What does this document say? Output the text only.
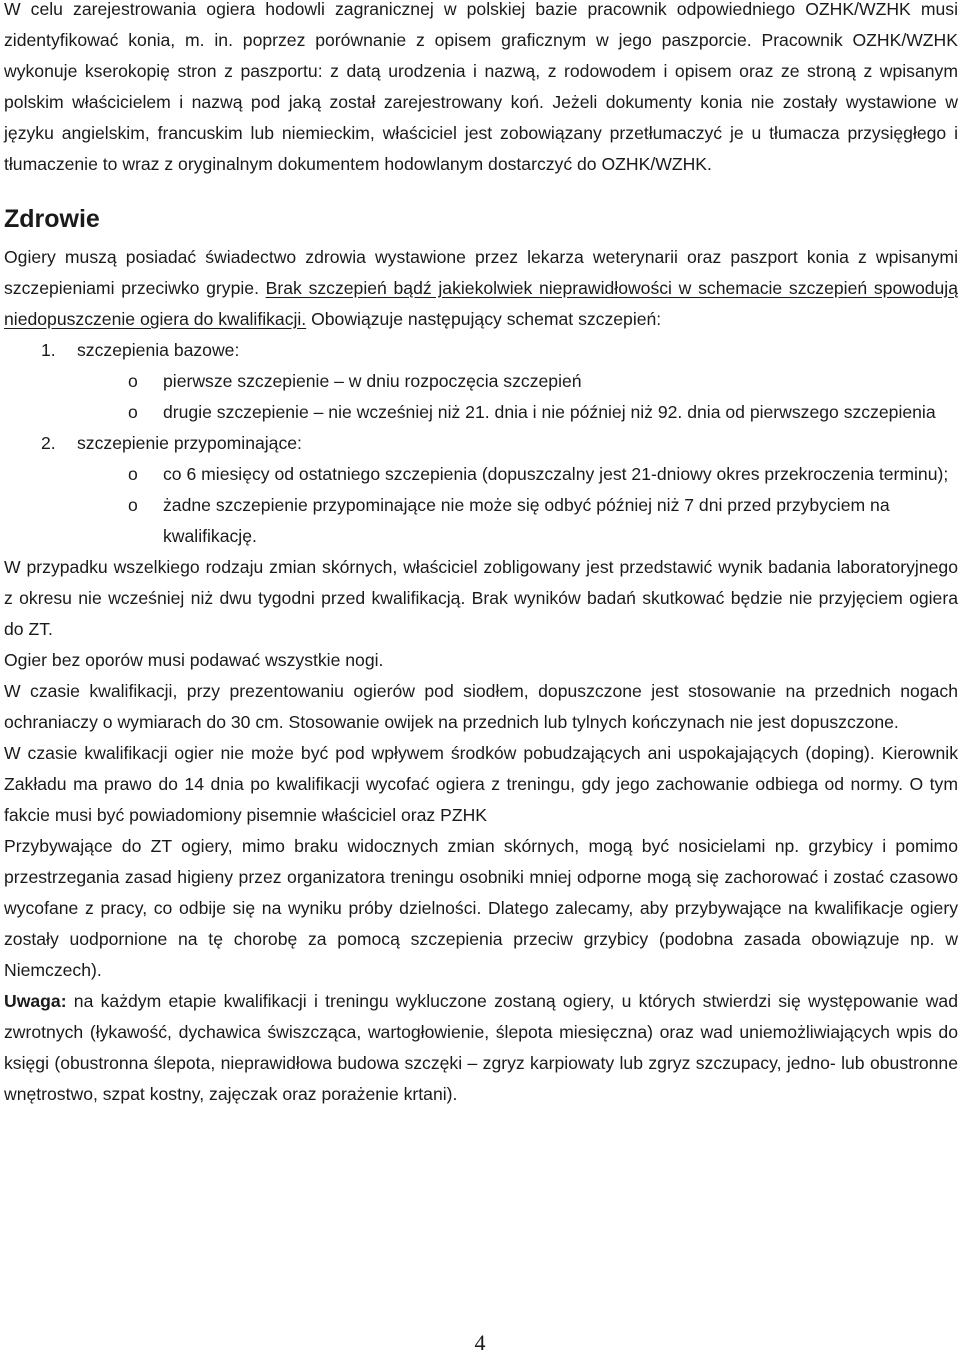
W celu zarejestrowania ogiera hodowli zagranicznej w polskiej bazie pracownik odpowiedniego OZHK/WZHK musi zidentyfikować konia, m. in. poprzez porównanie z opisem graficznym w jego paszporcie. Pracownik OZHK/WZHK wykonuje kserokopię stron z paszportu: z datą urodzenia i nazwą, z rodowodem i opisem oraz ze stroną z wpisanym polskim właścicielem i nazwą pod jaką został zarejestrowany koń. Jeżeli dokumenty konia nie zostały wystawione w języku angielskim, francuskim lub niemieckim, właściciel jest zobowiązany przetłumaczyć je u tłumacza przysięgłego i tłumaczenie to wraz z oryginalnym dokumentem hodowlanym dostarczyć do OZHK/WZHK.

Zdrowie

Ogiery muszą posiadać świadectwo zdrowia wystawione przez lekarza weterynarii oraz paszport konia z wpisanymi szczepieniami przeciwko grypie. Brak szczepień bądź jakiekolwiek nieprawidłowości w schemacie szczepień spowodują niedopuszczenie ogiera do kwalifikacji. Obowiązuje następujący schemat szczepień:

1. szczepienia bazowe:
o pierwsze szczepienie – w dniu rozpoczęcia szczepień
o drugie szczepienie – nie wcześniej niż 21. dnia i nie później niż 92. dnia od pierwszego szczepienia
2. szczepienie przypominające:
o co 6 miesięcy od ostatniego szczepienia (dopuszczalny jest 21-dniowy okres przekroczenia terminu);
o żadne szczepienie przypominające nie może się odbyć później niż 7 dni przed przybyciem na kwalifikację.

W przypadku wszelkiego rodzaju zmian skórnych, właściciel zobligowany jest przedstawić wynik badania laboratoryjnego z okresu nie wcześniej niż dwu tygodni przed kwalifikacją. Brak wyników badań skutkować będzie nie przyjęciem ogiera do ZT.

Ogier bez oporów musi podawać wszystkie nogi.

W czasie kwalifikacji, przy prezentowaniu ogierów pod siodłem, dopuszczone jest stosowanie na przednich nogach ochraniaczy o wymiarach do 30 cm. Stosowanie owijek na przednich lub tylnych kończynach nie jest dopuszczone.

W czasie kwalifikacji ogier nie może być pod wpływem środków pobudzających ani uspokajających (doping). Kierownik Zakładu ma prawo do 14 dnia po kwalifikacji wycofać ogiera z treningu, gdy jego zachowanie odbiega od normy. O tym fakcie musi być powiadomiony pisemnie właściciel oraz PZHK

Przybywające do ZT ogiery, mimo braku widocznych zmian skórnych, mogą być nosicielami np. grzybicy i pomimo przestrzegania zasad higieny przez organizatora treningu osobniki mniej odporne mogą się zachorować i zostać czasowo wycofane z pracy, co odbije się na wyniku próby dzielności. Dlatego zalecamy, aby przybywające na kwalifikacje ogiery zostały uodpornione na tę chorobę za pomocą szczepienia przeciw grzybicy (podobna zasada obowiązuje np. w Niemczech).

Uwaga: na każdym etapie kwalifikacji i treningu wykluczone zostaną ogiery, u których stwierdzi się występowanie wad zwrotnych (łykawość, dychawica świszcząca, wartogłowienie, ślepota miesięczna) oraz wad uniemożliwiających wpis do księgi (obustronna ślepota, nieprawidłowa budowa szczęki – zgryz karpiowaty lub zgryz szczupacy, jedno- lub obustronne wnętrostwo, szpat kostny, zajęczak oraz porażenie krtani).

4
